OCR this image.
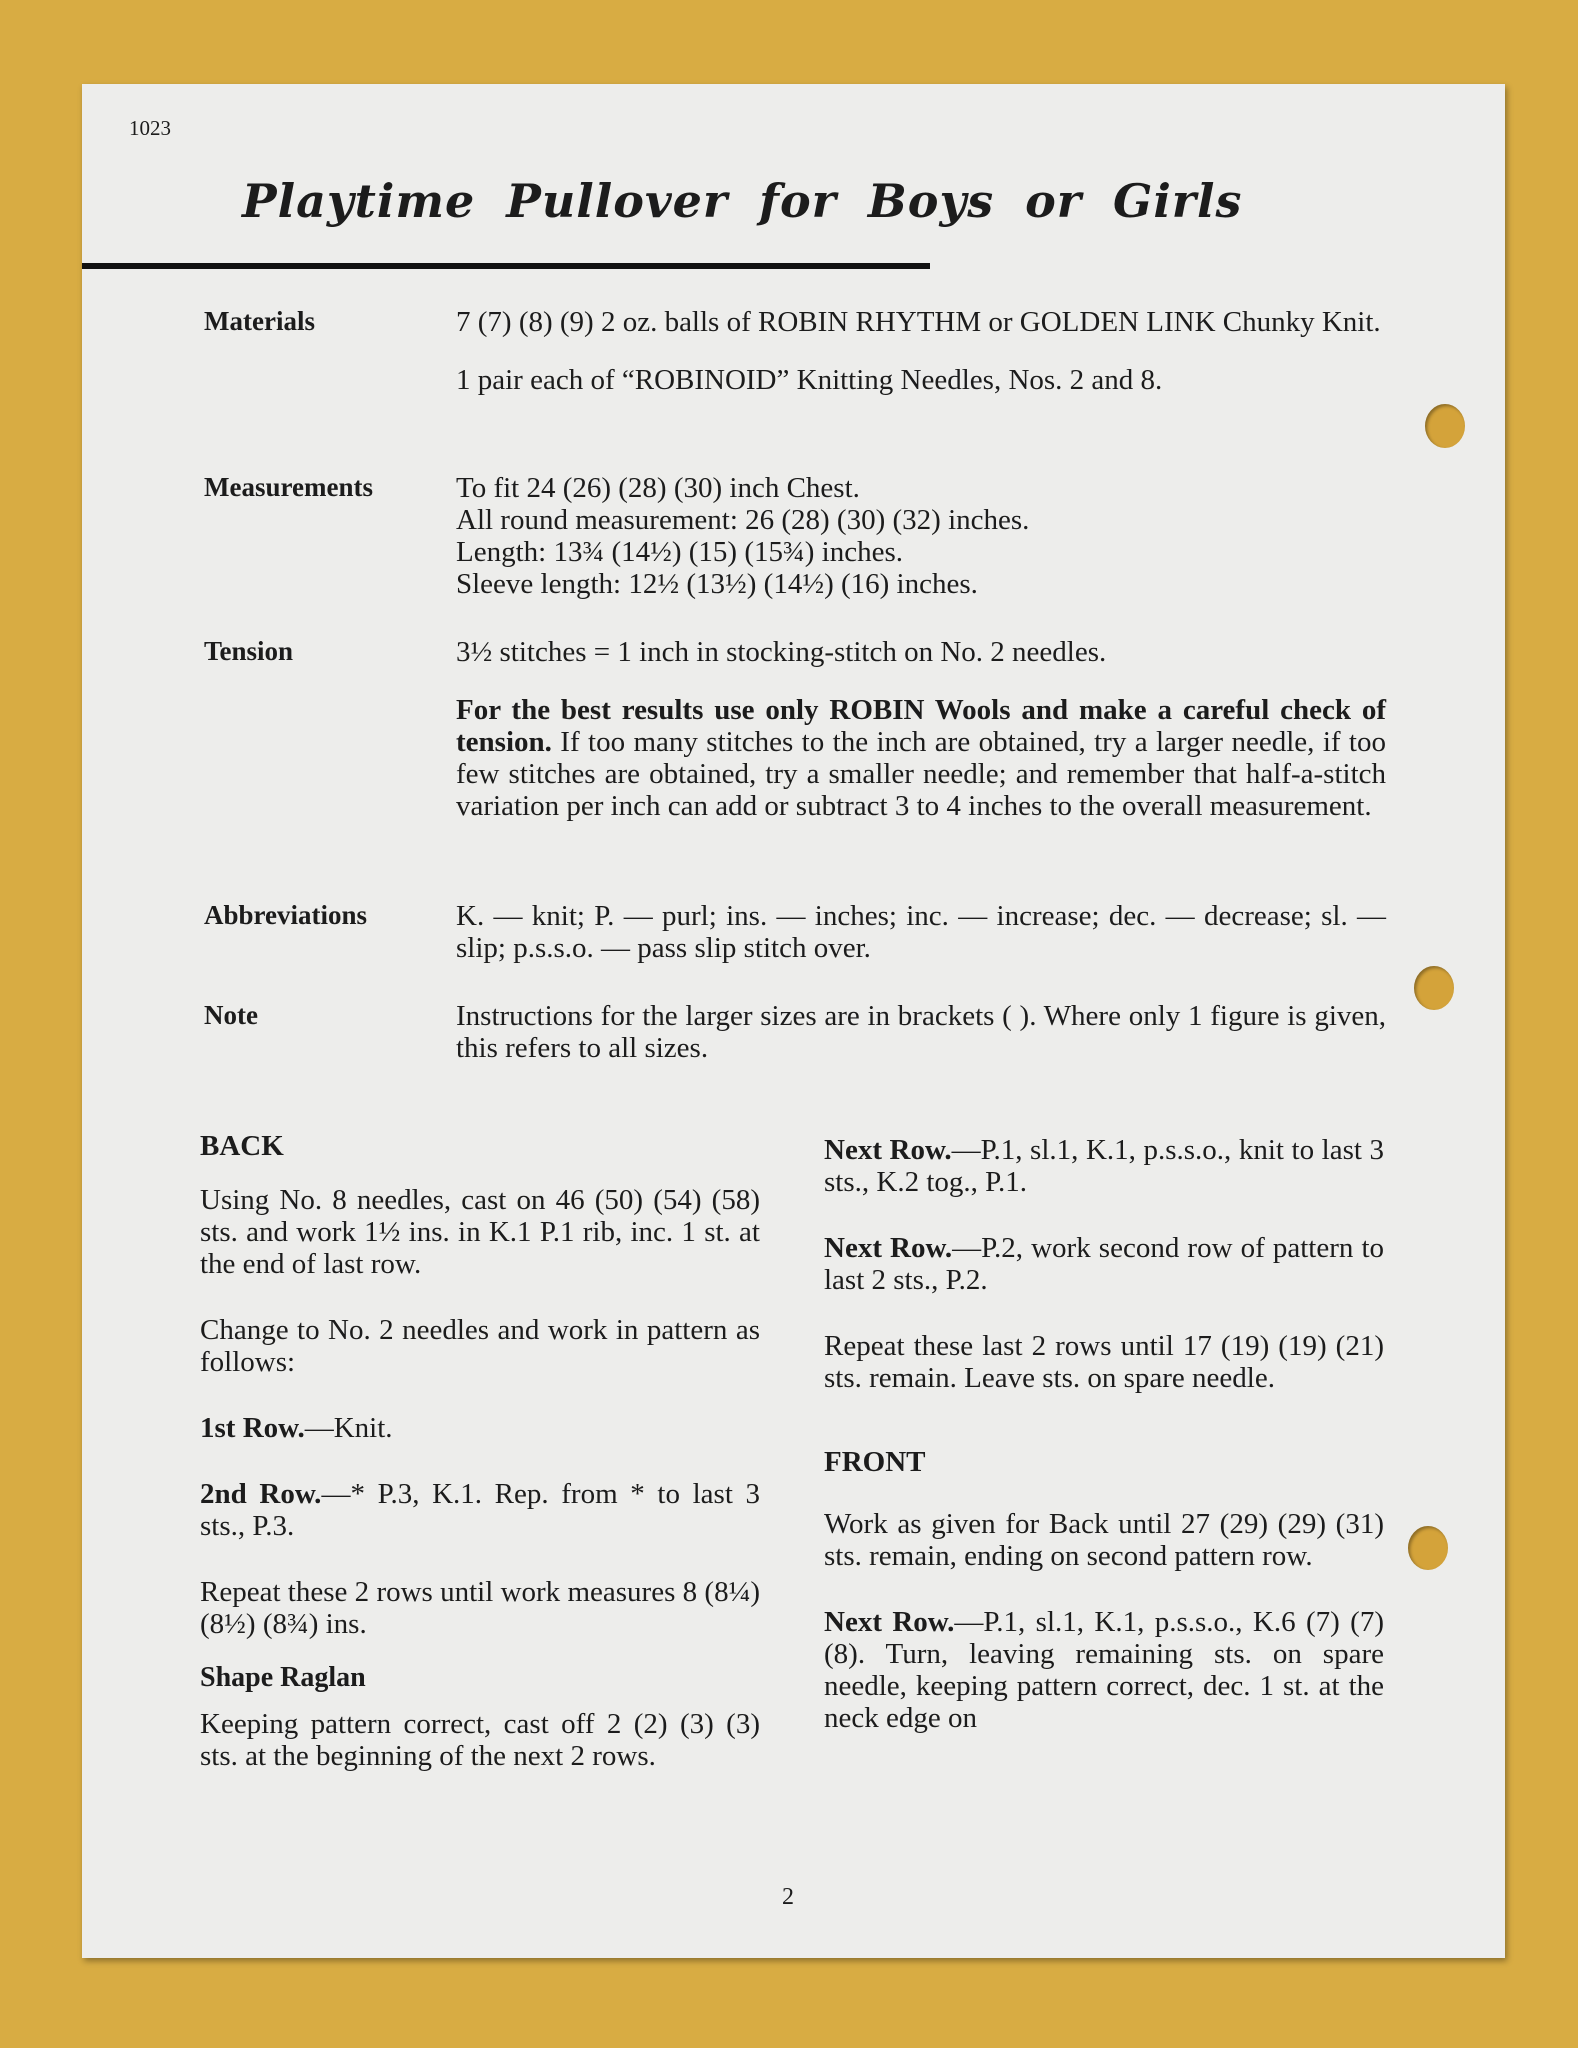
1023
Playtime Pullover for Boys or Girls
Materials	7 (7) (8) (9) 2 oz. balls of ROBIN RHYTHM or GOLDEN LINK Chunky Knit.

1 pair each of “ROBINOID” Knitting Needles, Nos. 2 and 8.

Measurements	To fit 24 (26) (28) (30) inch Chest.
All round measurement: 26 (28) (30) (32) inches.
Length: 13¾ (14½) (15) (15¾) inches.
Sleeve length: 12½ (13½) (14½) (16) inches.
Tension	3½ stitches = 1 inch in stocking-stitch on No. 2 needles.

For the best results use only ROBIN Wools and make a careful check of tension. If too many stitches to the inch are obtained, try a larger needle, if too few stitches are obtained, try a smaller needle; and remember that half-a-stitch variation per inch can add or subtract 3 to 4 inches to the overall measurement.

Abbreviations	K. — knit; P. — purl; ins. — inches; inc. — increase; dec. — decrease; sl. — slip; p.s.s.o. — pass slip stitch over.

Note	Instructions for the larger sizes are in brackets ( ). Where only 1 figure is given, this refers to all sizes.

BACK

Using No. 8 needles, cast on 46 (50) (54) (58) sts. and work 1½ ins. in K.1 P.1 rib, inc. 1 st. at the end of last row.

Change to No. 2 needles and work in pattern as follows:

1st Row.—Knit.

2nd Row.—* P.3, K.1. Rep. from * to last 3 sts., P.3.

Repeat these 2 rows until work measures 8 (8¼) (8½) (8¾) ins.

Shape Raglan

Keeping pattern correct, cast off 2 (2) (3) (3) sts. at the beginning of the next 2 rows.

Next Row.—P.1, sl.1, K.1, p.s.s.o., knit to last 3 sts., K.2 tog., P.1.

Next Row.—P.2, work second row of pattern to last 2 sts., P.2.

Repeat these last 2 rows until 17 (19) (19) (21) sts. remain. Leave sts. on spare needle.

FRONT

Work as given for Back until 27 (29) (29) (31) sts. remain, ending on second pattern row.

Next Row.—P.1, sl.1, K.1, p.s.s.o., K.6 (7) (7) (8). Turn, leaving remaining sts. on spare needle, keeping pattern correct, dec. 1 st. at the neck edge on

2
